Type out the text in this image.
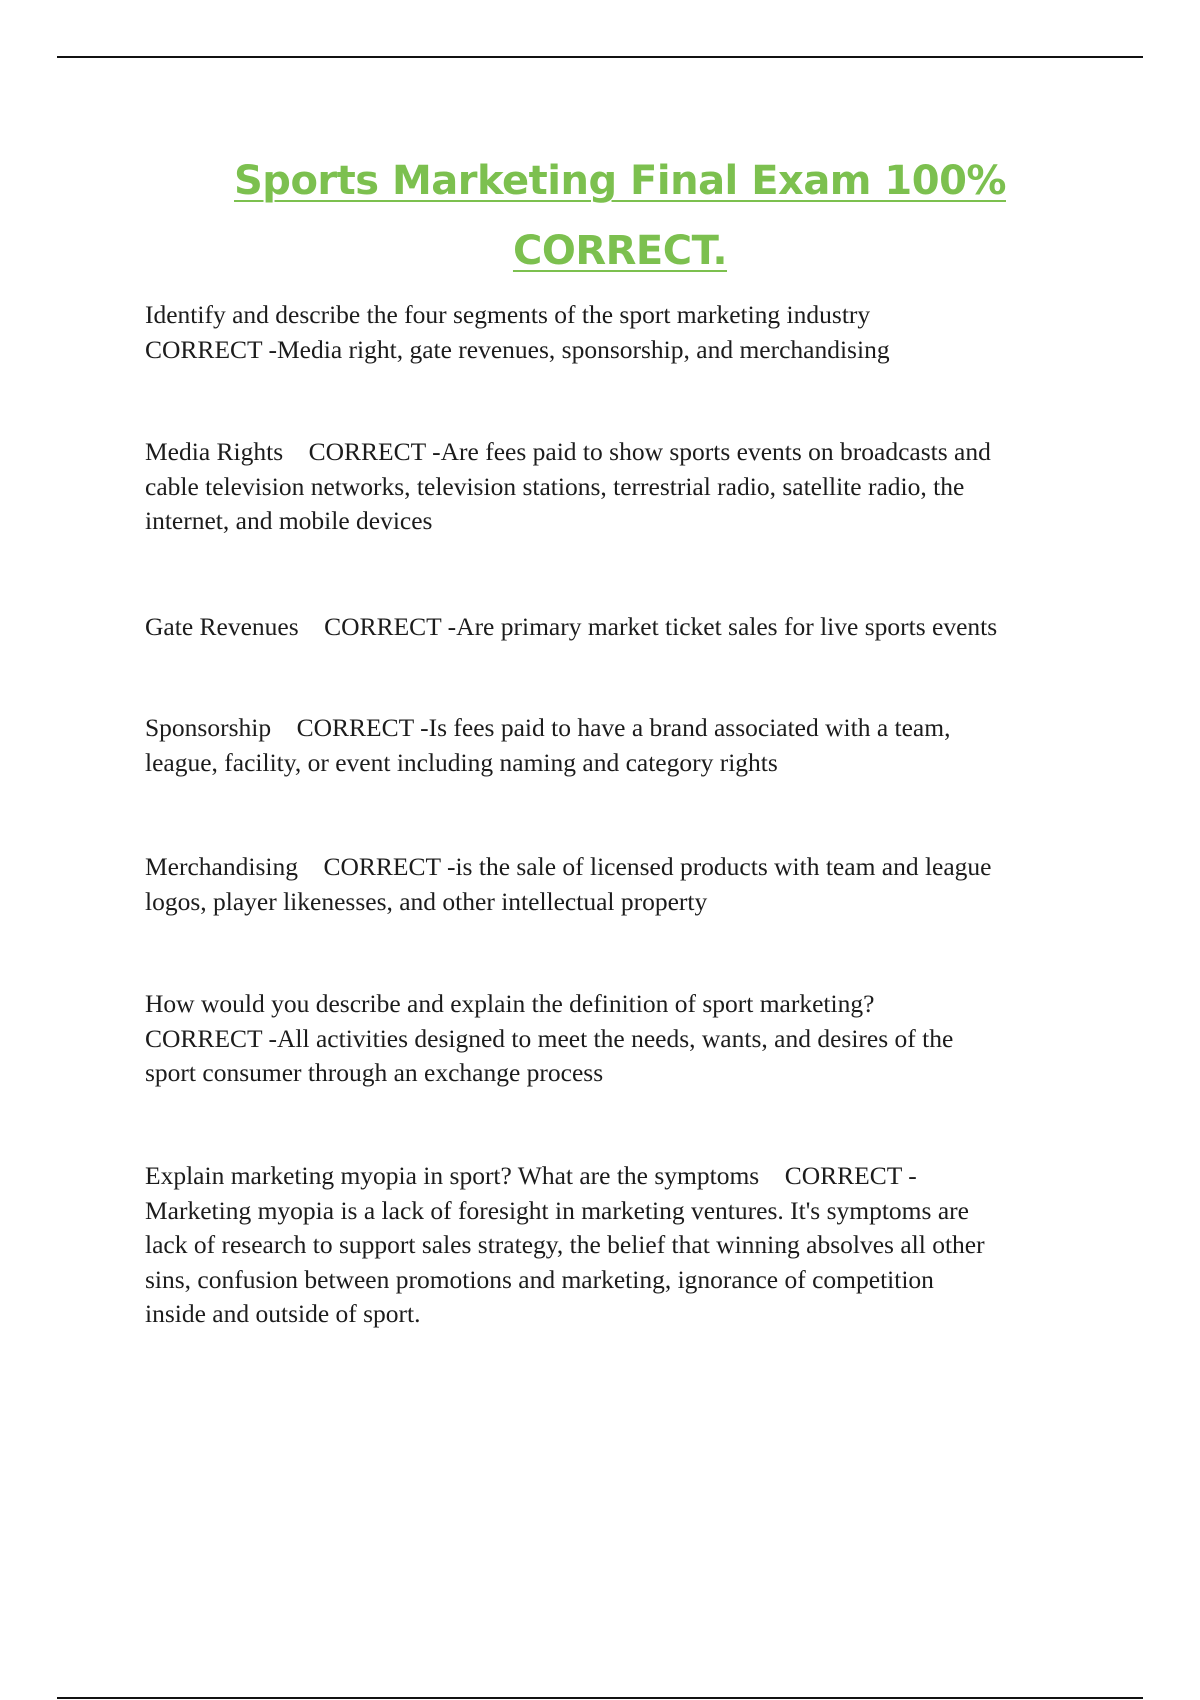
Sports Marketing Final Exam 100%
CORRECT.

Identify and describe the four segments of the sport marketing industry
CORRECT -Media right, gate revenues, sponsorship, and merchandising

Media Rights    CORRECT -Are fees paid to show sports events on broadcasts and
cable television networks, television stations, terrestrial radio, satellite radio, the
internet, and mobile devices

Gate Revenues    CORRECT -Are primary market ticket sales for live sports events

Sponsorship    CORRECT -Is fees paid to have a brand associated with a team,
league, facility, or event including naming and category rights

Merchandising    CORRECT -is the sale of licensed products with team and league
logos, player likenesses, and other intellectual property

How would you describe and explain the definition of sport marketing?
CORRECT -All activities designed to meet the needs, wants, and desires of the
sport consumer through an exchange process

Explain marketing myopia in sport? What are the symptoms    CORRECT -
Marketing myopia is a lack of foresight in marketing ventures. It's symptoms are
lack of research to support sales strategy, the belief that winning absolves all other
sins, confusion between promotions and marketing, ignorance of competition
inside and outside of sport.
